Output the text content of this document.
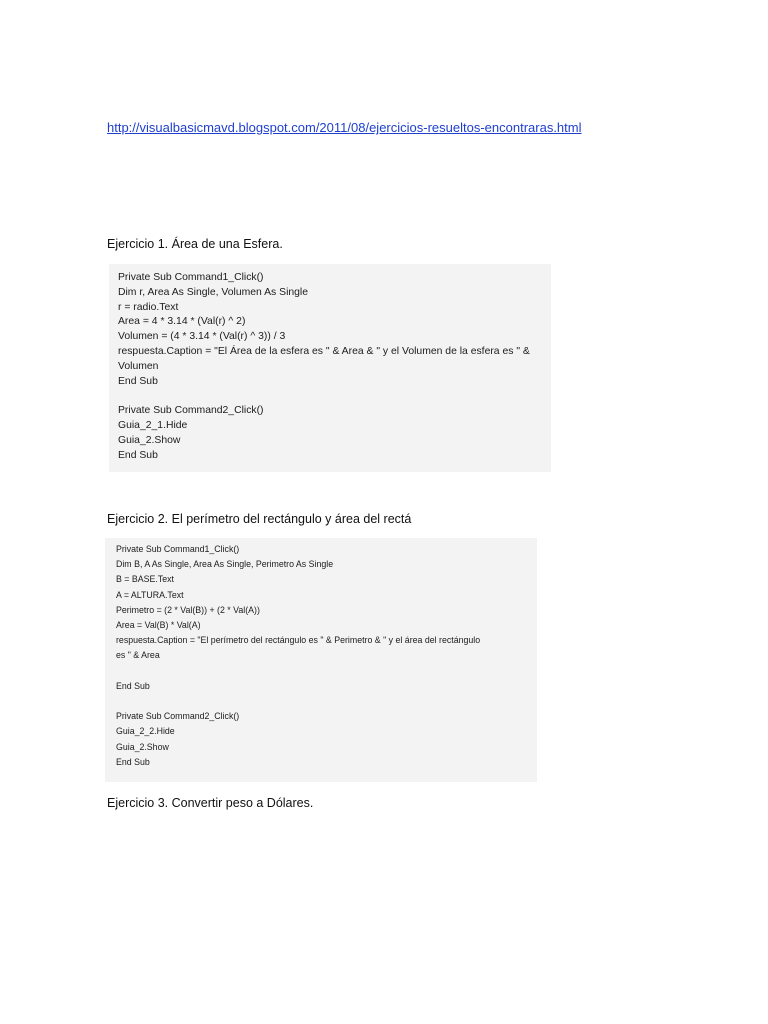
http://visualbasicmavd.blogspot.com/2011/08/ejercicios-resueltos-encontraras.html
Ejercicio 1. Área de una Esfera.
Private Sub Command1_Click()
Dim r, Area As Single, Volumen As Single
r = radio.Text
Area = 4 * 3.14 * (Val(r) ^ 2)
Volumen = (4 * 3.14 * (Val(r) ^ 3)) / 3
respuesta.Caption = "El Área de la esfera es " & Area & " y el Volumen de la esfera es " &
Volumen
End Sub

Private Sub Command2_Click()
Guia_2_1.Hide
Guia_2.Show
End Sub
Ejercicio 2. El perímetro del rectángulo y área del rectá
Private Sub Command1_Click()
Dim B, A As Single, Area As Single, Perimetro As Single
B = BASE.Text
A = ALTURA.Text
Perimetro = (2 * Val(B)) + (2 * Val(A))
Area = Val(B) * Val(A)
respuesta.Caption = "El perímetro del rectángulo es " & Perimetro & " y el área del rectángulo
es " & Area

End Sub

Private Sub Command2_Click()
Guia_2_2.Hide
Guia_2.Show
End Sub
Ejercicio 3. Convertir peso a Dólares.
